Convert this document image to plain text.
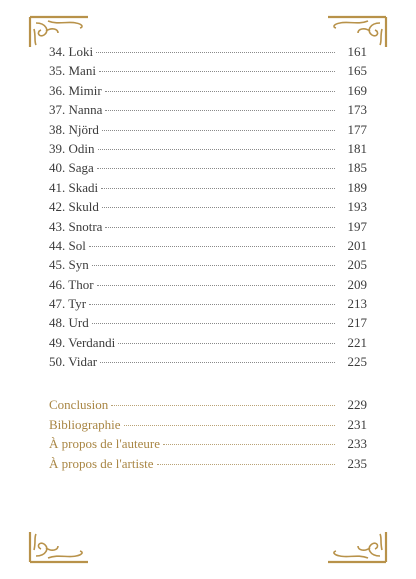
34. Loki	161
35. Mani	165
36. Mimir	169
37. Nanna	173
38. Njörd	177
39. Odin	181
40. Saga	185
41. Skadi	189
42. Skuld	193
43. Snotra	197
44. Sol	201
45. Syn	205
46. Thor	209
47. Tyr	213
48. Urd	217
49. Verdandi	221
50. Vidar	225
Conclusion	229
Bibliographie	231
À propos de l'auteure	233
À propos de l'artiste	235
